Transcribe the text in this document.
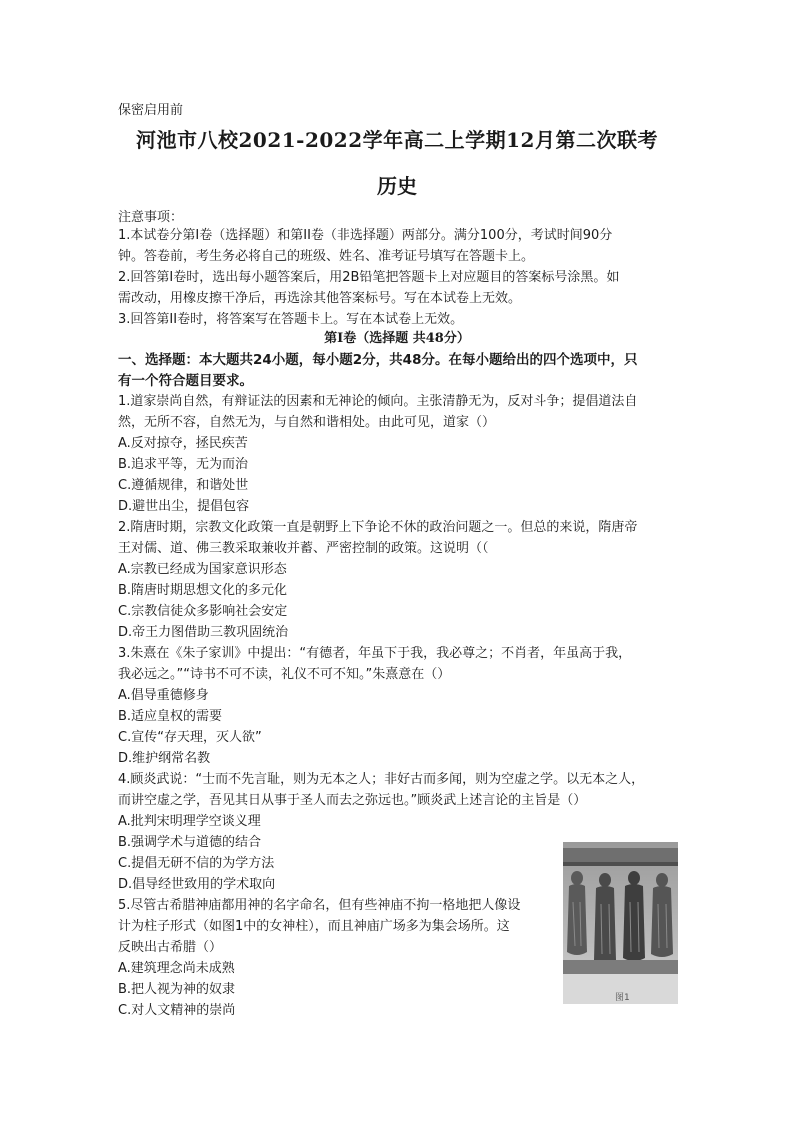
保密启用前
河池市八校2021-2022学年高二上学期12月第二次联考
历史
注意事项：
1.本试卷分第I卷（选择题）和第II卷（非选择题）两部分。满分100分，考试时间90分
钟。答卷前，考生务必将自己的班级、姓名、准考证号填写在答题卡上。
2.回答第I卷时，选出每小题答案后，用2B铅笔把答题卡上对应题目的答案标号涂黑。如
需改动，用橡皮擦干净后，再选涂其他答案标号。写在本试卷上无效。
3.回答第II卷时，将答案写在答题卡上。写在本试卷上无效。
第I卷（选择题 共48分）
一、选择题：本大题共24小题，每小题2分，共48分。在每小题给出的四个选项中，只
有一个符合题目要求。
1.道家崇尚自然，有辩证法的因素和无神论的倾向。主张清静无为，反对斗争；提倡道法自
然，无所不容，自然无为，与自然和谐相处。由此可见，道家（）
A.反对掠夺，拯民疾苦
B.追求平等，无为而治
C.遵循规律，和谐处世
D.避世出尘，提倡包容
2.隋唐时期，宗教文化政策一直是朝野上下争论不休的政治问题之一。但总的来说，隋唐帝
王对儒、道、佛三教采取兼收并蓄、严密控制的政策。这说明（（
A.宗教已经成为国家意识形态
B.隋唐时期思想文化的多元化
C.宗教信徒众多影响社会安定
D.帝王力图借助三教巩固统治
3.朱熹在《朱子家训》中提出：“有德者，年虽下于我，我必尊之；不肖者，年虽高于我，
我必远之。”“诗书不可不读，礼仪不可不知。”朱熹意在（）
A.倡导重德修身
B.适应皇权的需要
C.宣传“存天理，灭人欲”
D.维护纲常名教
4.顾炎武说：“士而不先言耻，则为无本之人；非好古而多闻，则为空虚之学。以无本之人，
而讲空虚之学，吾见其日从事于圣人而去之弥远也。”顾炎武上述言论的主旨是（）
A.批判宋明理学空谈义理
B.强调学术与道德的结合
C.提倡无研不信的为学方法
D.倡导经世致用的学术取向
5.尽管古希腊神庙都用神的名字命名，但有些神庙不拘一格地把人像设
计为柱子形式（如图1中的女神柱），而且神庙广场多为集会场所。这
反映出古希腊（）
A.建筑理念尚未成熟
B.把人视为神的奴隶
C.对人文精神的崇尚
图1
